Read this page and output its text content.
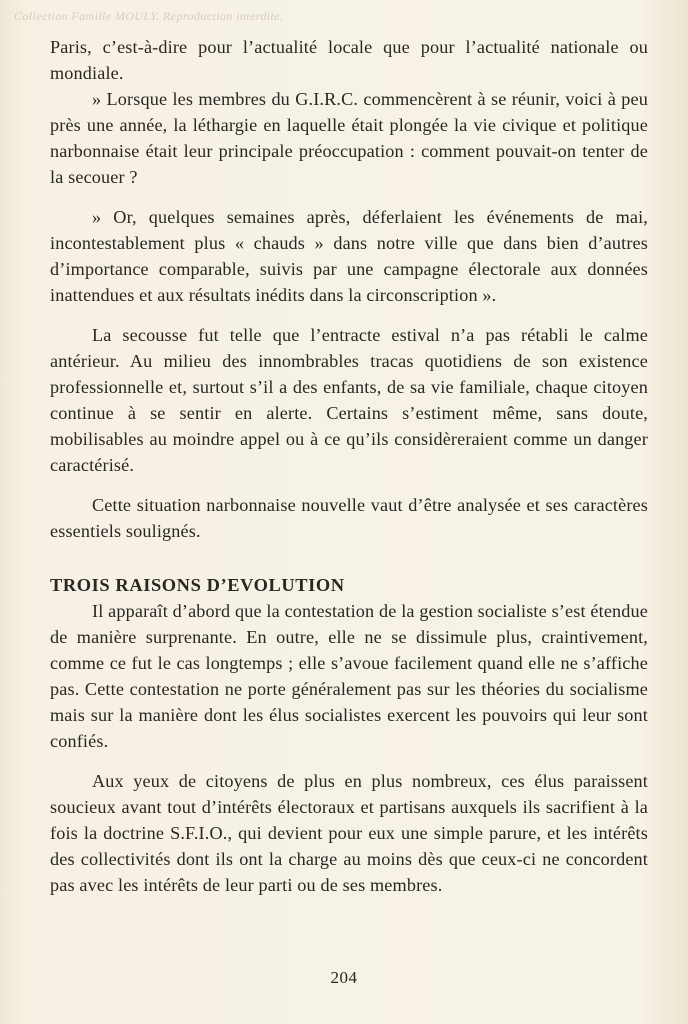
Collection Famille MOULY. Reproduction interdite.

Paris, c’est-à-dire pour l’actualité locale que pour l’actualité nationale ou mondiale.

» Lorsque les membres du G.I.R.C. commencèrent à se réunir, voici à peu près une année, la léthargie en laquelle était plongée la vie civique et politique narbonnaise était leur principale préoccupation : comment pouvait-on tenter de la secouer ?

» Or, quelques semaines après, déferlaient les événements de mai, incontestablement plus « chauds » dans notre ville que dans bien d’autres d’importance comparable, suivis par une campagne électorale aux données inattendues et aux résultats inédits dans la circonscription ».

La secousse fut telle que l’entracte estival n’a pas rétabli le calme antérieur. Au milieu des innombrables tracas quotidiens de son existence professionnelle et, surtout s’il a des enfants, de sa vie familiale, chaque citoyen continue à se sentir en alerte. Certains s’estiment même, sans doute, mobilisables au moindre appel ou à ce qu’ils considèreraient comme un danger caractérisé.

Cette situation narbonnaise nouvelle vaut d’être analysée et ses caractères essentiels soulignés.

TROIS RAISONS D’EVOLUTION

Il apparaît d’abord que la contestation de la gestion socialiste s’est étendue de manière surprenante. En outre, elle ne se dissimule plus, craintivement, comme ce fut le cas longtemps ; elle s’avoue facilement quand elle ne s’affiche pas. Cette contestation ne porte généralement pas sur les théories du socialisme mais sur la manière dont les élus socialistes exercent les pouvoirs qui leur sont confiés.

Aux yeux de citoyens de plus en plus nombreux, ces élus paraissent soucieux avant tout d’intérêts électoraux et partisans auxquels ils sacrifient à la fois la doctrine S.F.I.O., qui devient pour eux une simple parure, et les intérêts des collectivités dont ils ont la charge au moins dès que ceux-ci ne concordent pas avec les intérêts de leur parti ou de ses membres.

204
